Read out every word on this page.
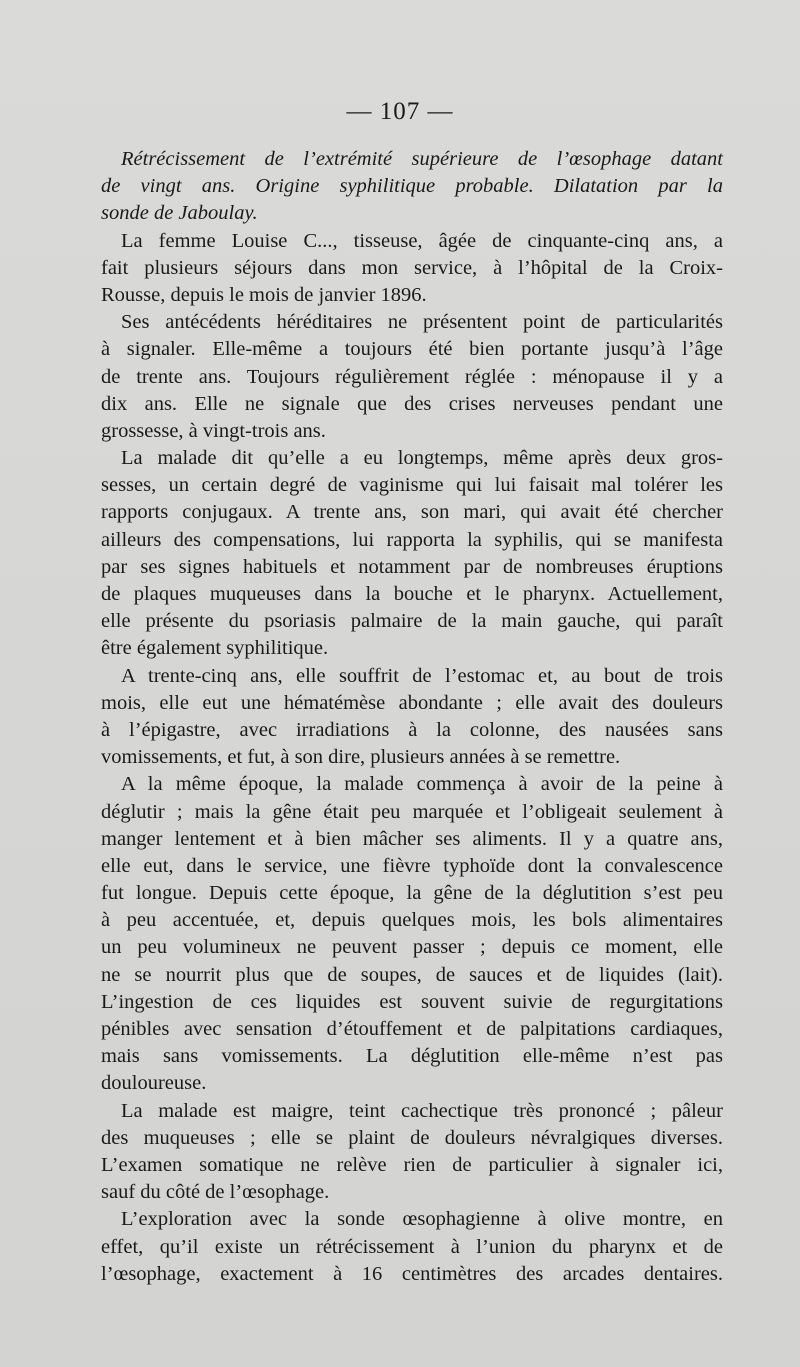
— 107 —
Rétrécissement de l’extrémité supérieure de l’œsophage datant
de vingt ans. Origine syphilitique probable. Dilatation par la
sonde de Jaboulay.
La femme Louise C..., tisseuse, âgée de cinquante-cinq ans, a
fait plusieurs séjours dans mon service, à l’hôpital de la Croix-
Rousse, depuis le mois de janvier 1896.
Ses antécédents héréditaires ne présentent point de particularités
à signaler. Elle-même a toujours été bien portante jusqu’à l’âge
de trente ans. Toujours régulièrement réglée : ménopause il y a
dix ans. Elle ne signale que des crises nerveuses pendant une
grossesse, à vingt-trois ans.
La malade dit qu’elle a eu longtemps, même après deux gros-
sesses, un certain degré de vaginisme qui lui faisait mal tolérer les
rapports conjugaux. A trente ans, son mari, qui avait été chercher
ailleurs des compensations, lui rapporta la syphilis, qui se manifesta
par ses signes habituels et notamment par de nombreuses éruptions
de plaques muqueuses dans la bouche et le pharynx. Actuellement,
elle présente du psoriasis palmaire de la main gauche, qui paraît
être également syphilitique.
A trente-cinq ans, elle souffrit de l’estomac et, au bout de trois
mois, elle eut une hématémèse abondante ; elle avait des douleurs
à l’épigastre, avec irradiations à la colonne, des nausées sans
vomissements, et fut, à son dire, plusieurs années à se remettre.
A la même époque, la malade commença à avoir de la peine à
déglutir ; mais la gêne était peu marquée et l’obligeait seulement à
manger lentement et à bien mâcher ses aliments. Il y a quatre ans,
elle eut, dans le service, une fièvre typhoïde dont la convalescence
fut longue. Depuis cette époque, la gêne de la déglutition s’est peu
à peu accentuée, et, depuis quelques mois, les bols alimentaires
un peu volumineux ne peuvent passer ; depuis ce moment, elle
ne se nourrit plus que de soupes, de sauces et de liquides (lait).
L’ingestion de ces liquides est souvent suivie de regurgitations
pénibles avec sensation d’étouffement et de palpitations cardiaques,
mais sans vomissements. La déglutition elle-même n’est pas
douloureuse.
La malade est maigre, teint cachectique très prononcé ; pâleur
des muqueuses ; elle se plaint de douleurs névralgiques diverses.
L’examen somatique ne relève rien de particulier à signaler ici,
sauf du côté de l’œsophage.
L’exploration avec la sonde œsophagienne à olive montre, en
effet, qu’il existe un rétrécissement à l’union du pharynx et de
l’œsophage, exactement à 16 centimètres des arcades dentaires.
